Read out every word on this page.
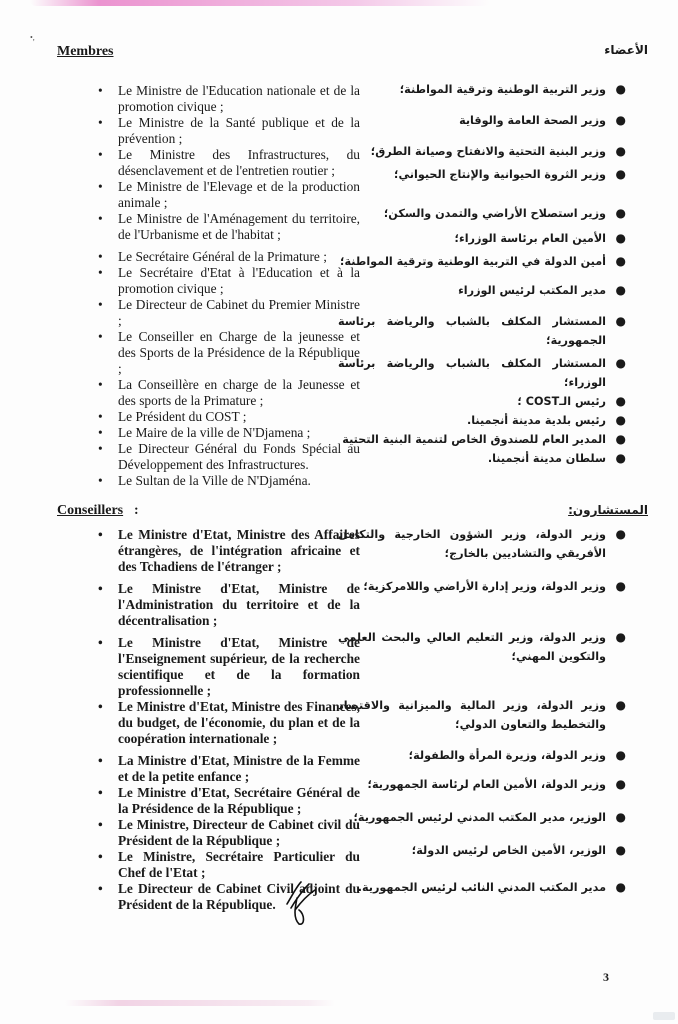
•,
Membres	الأعضاء
• Le Ministre de l'Education nationale et de la promotion civique ;
• Le Ministre de la Santé publique et de la prévention ;
• Le Ministre des Infrastructures, du désenclavement et de l'entretien routier ;
• Le Ministre de l'Elevage et de la production animale ;
• Le Ministre de l'Aménagement du territoire, de l'Urbanisme et de l'habitat ;
• Le Secrétaire Général de la Primature ;
• Le Secrétaire d'Etat à l'Education et à la promotion civique ;
• Le Directeur de Cabinet du Premier Ministre ;
• Le Conseiller en Charge de la jeunesse et des Sports de la Présidence de la République ;
• La Conseillère en charge de la Jeunesse et des sports de la Primature ;
• Le Président du COST ;
• Le Maire de la ville de N'Djamena ;
• Le Directeur Général du Fonds Spécial au Développement des Infrastructures.
• Le Sultan de la Ville de N'Djaména.
●
وزير التربية الوطنية وترقية المواطنة؛
●
وزير الصحة العامة والوقاية
●
وزير البنية التحتية والانفتاح وصيانة الطرق؛
●
وزير الثروة الحيوانية والإنتاج الحيواني؛
●
وزير استصلاح الأراضي والتمدن والسكن؛
●
الأمين العام برئاسة الوزراء؛
●
أمين الدولة في التربية الوطنية وترقية المواطنة؛
●
مدير المكتب لرئيس الوزراء
●
المستشار المكلف بالشباب والرياضة برئاسة الجمهورية؛
●
المستشار المكلف بالشباب والرياضة برئاسة الوزراء؛
●
رئيس الـCOST ؛
●
رئيس بلدية مدينة أنجمينا.
●
المدير العام للصندوق الخاص لتنمية البنية التحتية
●
سلطان مدينة أنجمينا.
Conseillers :	المستشارون:
• Le Ministre d'Etat, Ministre des Affaires étrangères, de l'intégration africaine et des Tchadiens de l'étranger ;
• Le Ministre d'Etat, Ministre de l'Administration du territoire et de la décentralisation ;
• Le Ministre d'Etat, Ministre de l'Enseignement supérieur, de la recherche scientifique et de la formation professionnelle ;
• Le Ministre d'Etat, Ministre des Finances, du budget, de l'économie, du plan et de la coopération internationale ;
• La Ministre d'Etat, Ministre de la Femme et de la petite enfance ;
• Le Ministre d'Etat, Secrétaire Général de la Présidence de la République ;
• Le Ministre, Directeur de Cabinet civil du Président de la République ;
• Le Ministre, Secrétaire Particulier du Chef de l'Etat ;
• Le Directeur de Cabinet Civil adjoint du Président de la République.
●
وزير الدولة، وزير الشؤون الخارجية والتكامل الأفريقي والتشاديين بالخارج؛
●
وزير الدولة، وزير إدارة الأراضي واللامركزية؛
●
وزير الدولة، وزير التعليم العالي والبحث العلمي والتكوين المهني؛
●
وزير الدولة، وزير المالية والميزانية والاقتصاد والتخطيط والتعاون الدولي؛
●
وزير الدولة، وزيرة المرأة والطفولة؛
●
وزير الدولة، الأمين العام لرئاسة الجمهورية؛
●
الوزير، مدير المكتب المدني لرئيس الجمهورية؛
●
الوزير، الأمين الخاص لرئيس الدولة؛
●
مدير المكتب المدني النائب لرئيس الجمهورية.
3
